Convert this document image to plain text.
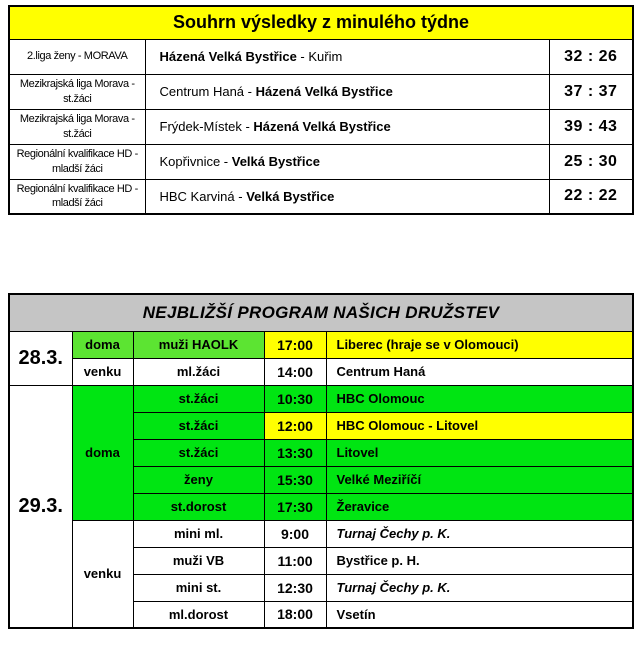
Souhrn výsledky z minulého týdne		
2.liga ženy - MORAVA	Házená Velká Bystřice - Kuřim	32 : 26
Mezikrajská liga Morava - st.žáci	Centrum Haná - Házená Velká Bystřice	37 : 37
Mezikrajská liga Morava - st.žáci	Frýdek-Místek - Házená Velká Bystřice	39 : 43
Regionální kvalifikace HD - mladší žáci	Kopřivnice - Velká Bystřice	25 : 30
Regionální kvalifikace HD - mladší žáci	HBC Karviná - Velká Bystřice	22 : 22
NEJBLIŽŠÍ PROGRAM NAŠICH DRUŽSTEV				
28.3.	doma	muži HAOLK	17:00	Liberec (hraje se v Olomouci)
	venku	ml.žáci	14:00	Centrum Haná
29.3.	doma	st.žáci	10:30	HBC Olomouc
		st.žáci	12:00	HBC Olomouc - Litovel
		st.žáci	13:30	Litovel
		ženy	15:30	Velké Meziříčí
		st.dorost	17:30	Žeravice
	venku	mini ml.	9:00	Turnaj Čechy p. K.
		muži VB	11:00	Bystřice p. H.
		mini st.	12:30	Turnaj Čechy p. K.
		ml.dorost	18:00	Vsetín
